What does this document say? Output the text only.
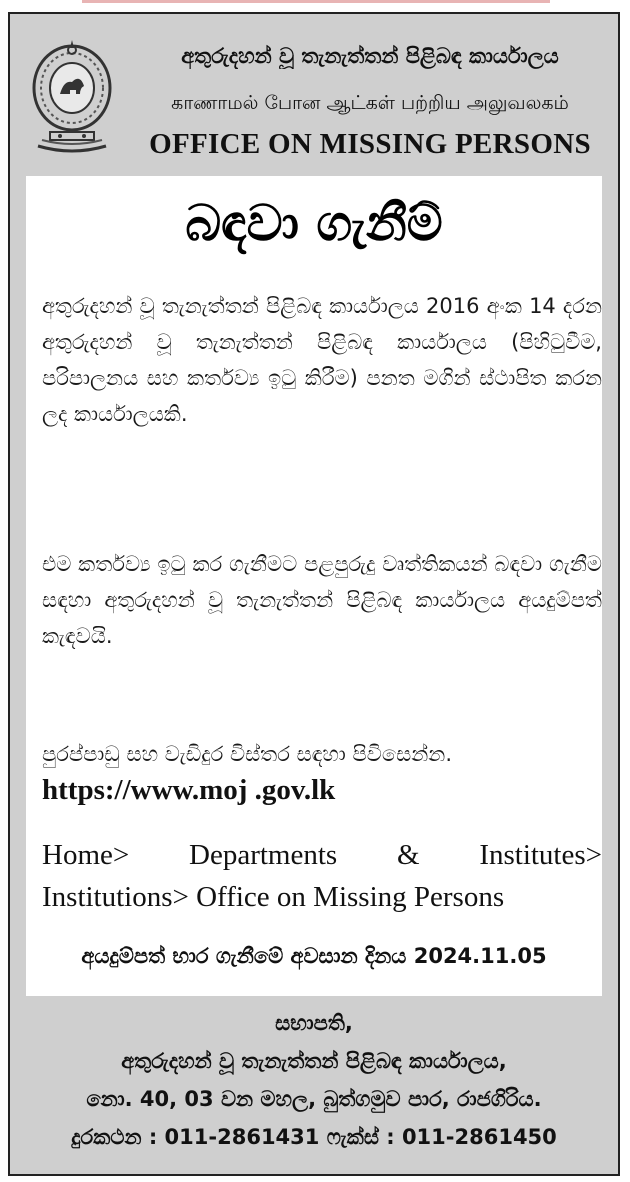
අතුරුදහන් වූ තැනැත්තන් පිළිබඳ කාර්යාලය
காணாமல் போன ஆட்கள் பற்றிய அலுவலகம்
OFFICE ON MISSING PERSONS
බඳවා ගැනීම්
අතුරුදහන් වූ තැනැත්තන් පිළිබඳ කාර්යාලය 2016 අංක 14 දරන අතුරුදහන් වූ තැනැත්තන් පිළිබඳ කාර්යාලය (පිහිටුවීම, පරිපාලනය සහ කර්තව්‍ය ඉටු කිරීම) පනත මගින් ස්ථාපිත කරන ලද කාර්යාලයකි.
එම කර්තව්‍ය ඉටු කර ගැනීමට පළපුරුදු වෘත්තිකයන් බඳවා ගැනීම සඳහා අතුරුදහන් වූ තැනැත්තන් පිළිබඳ කාර්යාලය අයදුම්පත් කැඳවයි.
පුරප්පාඩු සහ වැඩිදුර විස්තර සඳහා පිවිසෙන්න.
https://www.moj .gov.lk
Home> Departments & Institutes>
Institutions> Office on Missing Persons
අයදුම්පත් භාර ගැනීමේ අවසාන දිනය 2024.11.05
සභාපති,
අතුරුදහන් වූ තැනැත්තන් පිළිබඳ කාර්යාලය,
නො. 40, 03 වන මහල, බුත්ගමුව පාර, රාජගිරිය.
දුරකථන : 011-2861431 ෆැක්ස් : 011-2861450
